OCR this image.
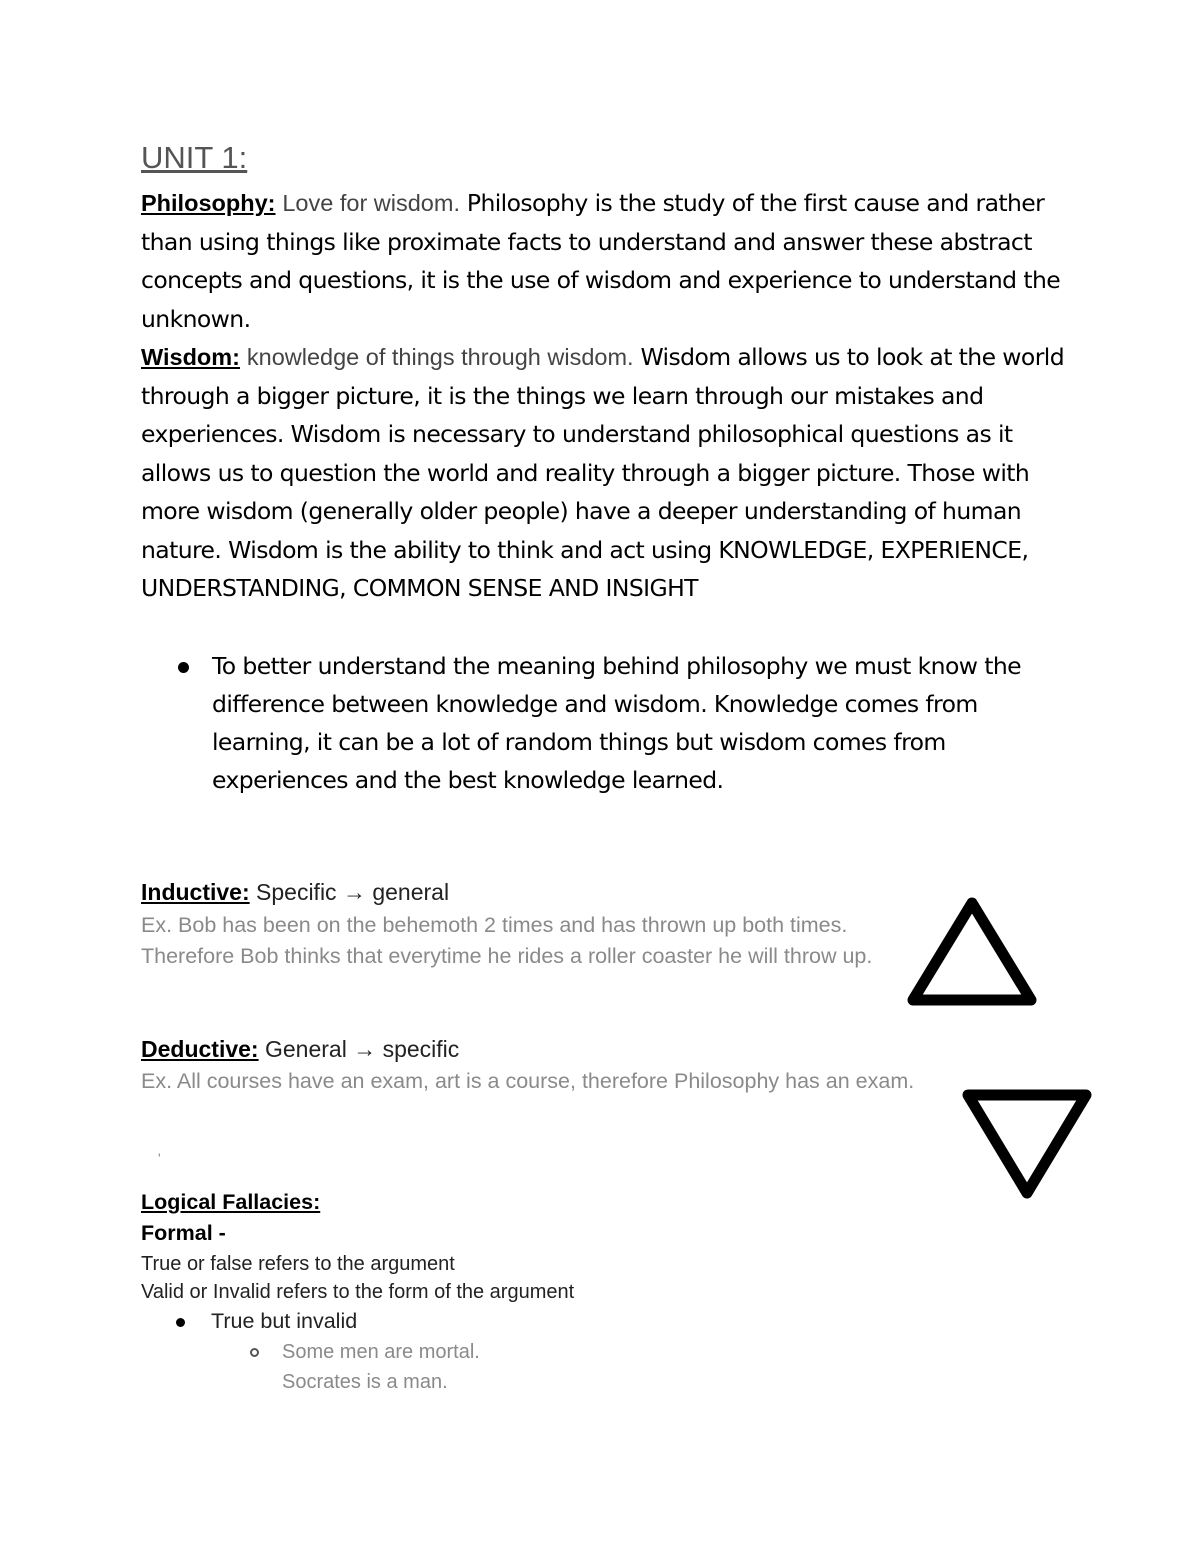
UNIT 1:
Philosophy: Love for wisdom. Philosophy is the study of the first cause and rather than using things like proximate facts to understand and answer these abstract concepts and questions, it is the use of wisdom and experience to understand the unknown.
Wisdom: knowledge of things through wisdom. Wisdom allows us to look at the world through a bigger picture, it is the things we learn through our mistakes and experiences. Wisdom is necessary to understand philosophical questions as it allows us to question the world and reality through a bigger picture. Those with more wisdom (generally older people) have a deeper understanding of human nature. Wisdom is the ability to think and act using KNOWLEDGE, EXPERIENCE, UNDERSTANDING, COMMON SENSE AND INSIGHT
To better understand the meaning behind philosophy we must know the difference between knowledge and wisdom. Knowledge comes from learning, it can be a lot of random things but wisdom comes from experiences and the best knowledge learned.
Inductive: Specific → general
Ex. Bob has been on the behemoth 2 times and has thrown up both times. Therefore Bob thinks that everytime he rides a roller coaster he will throw up.
Deductive: General → specific
Ex. All courses have an exam, art is a course, therefore Philosophy has an exam.
'
Logical Fallacies:
Formal -
True or false refers to the argument
Valid or Invalid refers to the form of the argument
True but invalid
Some men are mortal.
Socrates is a man.
